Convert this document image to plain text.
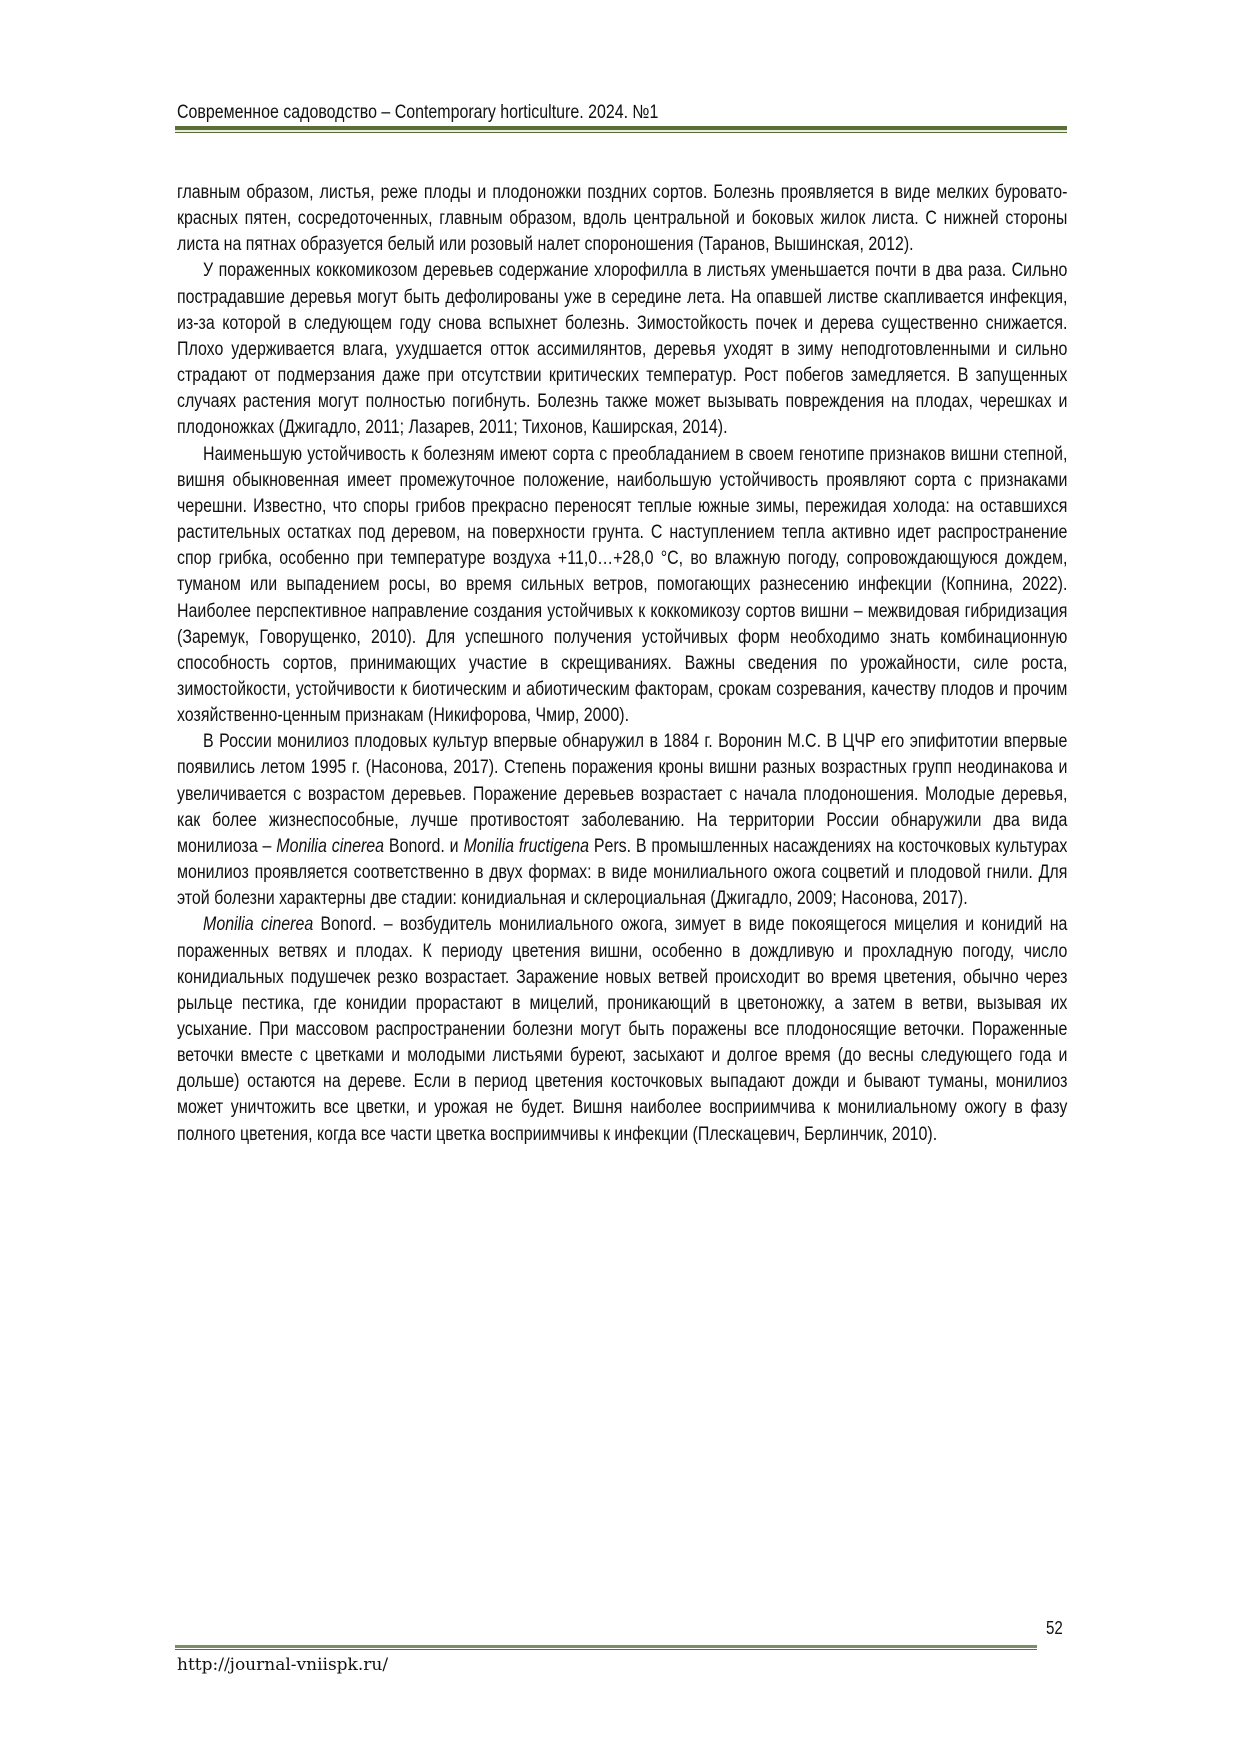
Современное садоводство – Contemporary horticulture. 2024. №1

главным образом, листья, реже плоды и плодоножки поздних сортов. Болезнь проявляется в виде мелких буровато-красных пятен, сосредоточенных, главным образом, вдоль центральной и боковых жилок листа. С нижней стороны листа на пятнах образуется белый или розовый налет спороношения (Таранов, Вышинская, 2012).

У пораженных коккомикозом деревьев содержание хлорофилла в листьях уменьшается почти в два раза. Сильно пострадавшие деревья могут быть дефолированы уже в середине лета. На опавшей листве скапливается инфекция, из-за которой в следующем году снова вспыхнет болезнь. Зимостойкость почек и дерева существенно снижается. Плохо удерживается влага, ухудшается отток ассимилянтов, деревья уходят в зиму неподготовленными и сильно страдают от подмерзания даже при отсутствии критических температур. Рост побегов замедляется. В запущенных случаях растения могут полностью погибнуть. Болезнь также может вызывать повреждения на плодах, черешках и плодоножках (Джигадло, 2011; Лазарев, 2011; Тихонов, Каширская, 2014).

Наименьшую устойчивость к болезням имеют сорта с преобладанием в своем генотипе признаков вишни степной, вишня обыкновенная имеет промежуточное положение, наибольшую устойчивость проявляют сорта с признаками черешни. Известно, что споры грибов прекрасно переносят теплые южные зимы, пережидая холода: на оставшихся растительных остатках под деревом, на поверхности грунта. С наступлением тепла активно идет распространение спор грибка, особенно при температуре воздуха +11,0…+28,0 °С, во влажную погоду, сопровождающуюся дождем, туманом или выпадением росы, во время сильных ветров, помогающих разнесению инфекции (Копнина, 2022). Наиболее перспективное направление создания устойчивых к коккомикозу сортов вишни – межвидовая гибридизация (Заремук, Говорущенко, 2010). Для успешного получения устойчивых форм необходимо знать комбинационную способность сортов, принимающих участие в скрещиваниях. Важны сведения по урожайности, силе роста, зимостойкости, устойчивости к биотическим и абиотическим факторам, срокам созревания, качеству плодов и прочим хозяйственно-ценным признакам (Никифорова, Чмир, 2000).

В России монилиоз плодовых культур впервые обнаружил в 1884 г. Воронин М.С. В ЦЧР его эпифитотии впервые появились летом 1995 г. (Насонова, 2017). Степень поражения кроны вишни разных возрастных групп неодинакова и увеличивается с возрастом деревьев. Поражение деревьев возрастает с начала плодоношения. Молодые деревья, как более жизнеспособные, лучше противостоят заболеванию. На территории России обнаружили два вида монилиоза – Monilia cinerea Bonord. и Monilia fructigena Pers. В промышленных насаждениях на косточковых культурах монилиоз проявляется соответственно в двух формах: в виде монилиального ожога соцветий и плодовой гнили. Для этой болезни характерны две стадии: конидиальная и склероциальная (Джигадло, 2009; Насонова, 2017).

Monilia cinerea Bonord. – возбудитель монилиального ожога, зимует в виде покоящегося мицелия и конидий на пораженных ветвях и плодах. К периоду цветения вишни, особенно в дождливую и прохладную погоду, число конидиальных подушечек резко возрастает. Заражение новых ветвей происходит во время цветения, обычно через рыльце пестика, где конидии прорастают в мицелий, проникающий в цветоножку, а затем в ветви, вызывая их усыхание. При массовом распространении болезни могут быть поражены все плодоносящие веточки. Пораженные веточки вместе с цветками и молодыми листьями буреют, засыхают и долгое время (до весны следующего года и дольше) остаются на дереве. Если в период цветения косточковых выпадают дожди и бывают туманы, монилиоз может уничтожить все цветки, и урожая не будет. Вишня наиболее восприимчива к монилиальному ожогу в фазу полного цветения, когда все части цветка восприимчивы к инфекции (Плескацевич, Берлинчик, 2010).

52
http://journal-vniispk.ru/
